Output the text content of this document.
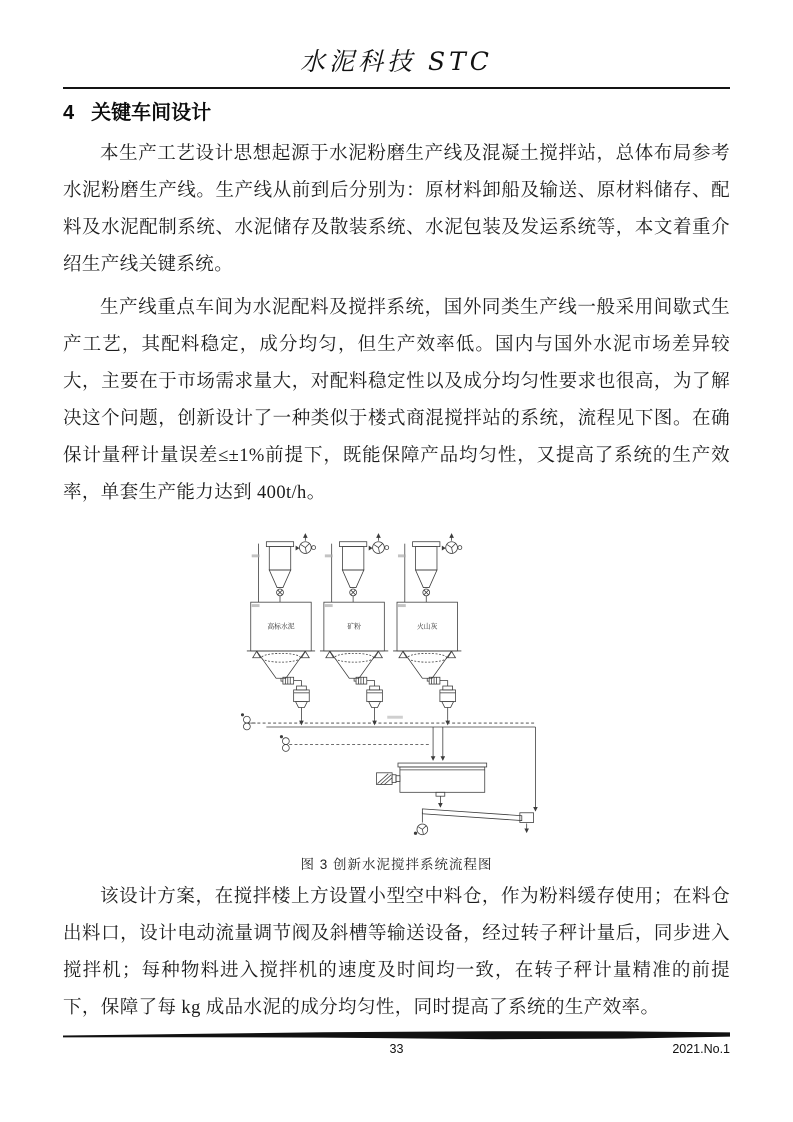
水泥科技 STC
4 关键车间设计

本生产工艺设计思想起源于水泥粉磨生产线及混凝土搅拌站，总体布局参考水泥粉磨生产线。生产线从前到后分别为：原材料卸船及输送、原材料储存、配料及水泥配制系统、水泥储存及散装系统、水泥包装及发运系统等，本文着重介绍生产线关键系统。

生产线重点车间为水泥配料及搅拌系统，国外同类生产线一般采用间歇式生产工艺，其配料稳定，成分均匀，但生产效率低。国内与国外水泥市场差异较大，主要在于市场需求量大，对配料稳定性以及成分均匀性要求也很高，为了解决这个问题，创新设计了一种类似于楼式商混搅拌站的系统，流程见下图。在确保计量秤计量误差≤±1%前提下，既能保障产品均匀性，又提高了系统的生产效率，单套生产能力达到 400t/h。

高标水泥	矿粉	火山灰
图 3 创新水泥搅拌系统流程图

该设计方案，在搅拌楼上方设置小型空中料仓，作为粉料缓存使用；在料仓出料口，设计电动流量调节阀及斜槽等输送设备，经过转子秤计量后，同步进入搅拌机；每种物料进入搅拌机的速度及时间均一致，在转子秤计量精准的前提下，保障了每 kg 成品水泥的成分均匀性，同时提高了系统的生产效率。

33	2021.No.1
